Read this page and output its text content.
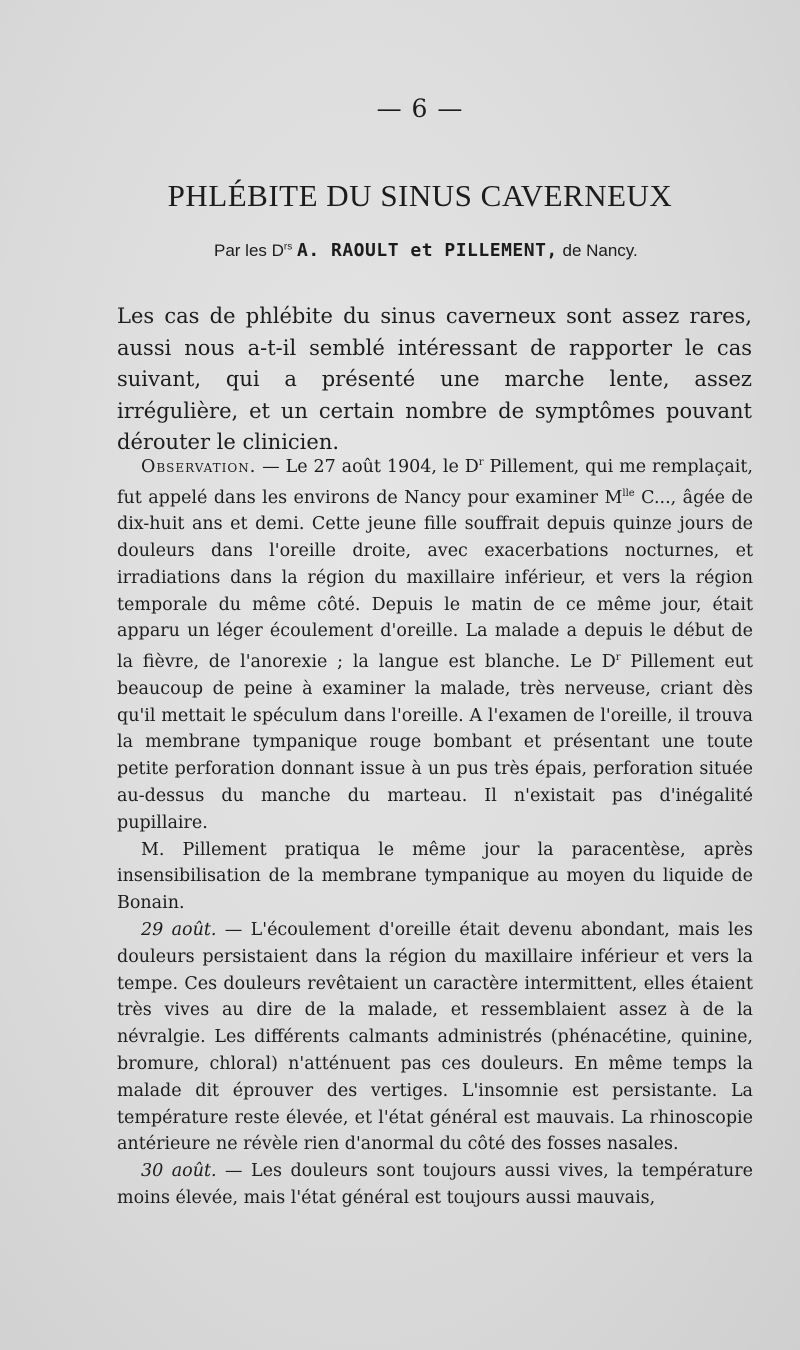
— 6 —
PHLÉBITE DU SINUS CAVERNEUX
Par les $D^{rs}$ A. RAOULT et PILLEMENT, de Nancy.
Les cas de phlébite du sinus caverneux sont assez rares, aussi nous a-t-il semblé intéressant de rapporter le cas suivant, qui a présenté une marche lente, assez irrégulière, et un certain nombre de symptômes pouvant dérouter le clinicien.

Observation. — Le 27 août 1904, le $D^r$ Pillement, qui me remplaçait, fut appelé dans les environs de Nancy pour examiner $M^{lle}$ C..., âgée de dix-huit ans et demi. Cette jeune fille souffrait depuis quinze jours de douleurs dans l'oreille droite, avec exacerbations nocturnes, et irradiations dans la région du maxillaire inférieur, et vers la région temporale du même côté. Depuis le matin de ce même jour, était apparu un léger écoulement d'oreille. La malade a depuis le début de la fièvre, de l'anorexie ; la langue est blanche. Le $D^r$ Pillement eut beaucoup de peine à examiner la malade, très nerveuse, criant dès qu'il mettait le spéculum dans l'oreille. A l'examen de l'oreille, il trouva la membrane tympanique rouge bombant et présentant une toute petite perforation donnant issue à un pus très épais, perforation située au-dessus du manche du marteau. Il n'existait pas d'inégalité pupillaire.

M. Pillement pratiqua le même jour la paracentèse, après insensibilisation de la membrane tympanique au moyen du liquide de Bonain.

29 août. — L'écoulement d'oreille était devenu abondant, mais les douleurs persistaient dans la région du maxillaire inférieur et vers la tempe. Ces douleurs revêtaient un caractère intermittent, elles étaient très vives au dire de la malade, et ressemblaient assez à de la névralgie. Les différents calmants administrés (phénacétine, quinine, bromure, chloral) n'atténuent pas ces douleurs. En même temps la malade dit éprouver des vertiges. L'insomnie est persistante. La température reste élevée, et l'état général est mauvais. La rhinoscopie antérieure ne révèle rien d'anormal du côté des fosses nasales.

30 août. — Les douleurs sont toujours aussi vives, la température moins élevée, mais l'état général est toujours aussi mauvais,
